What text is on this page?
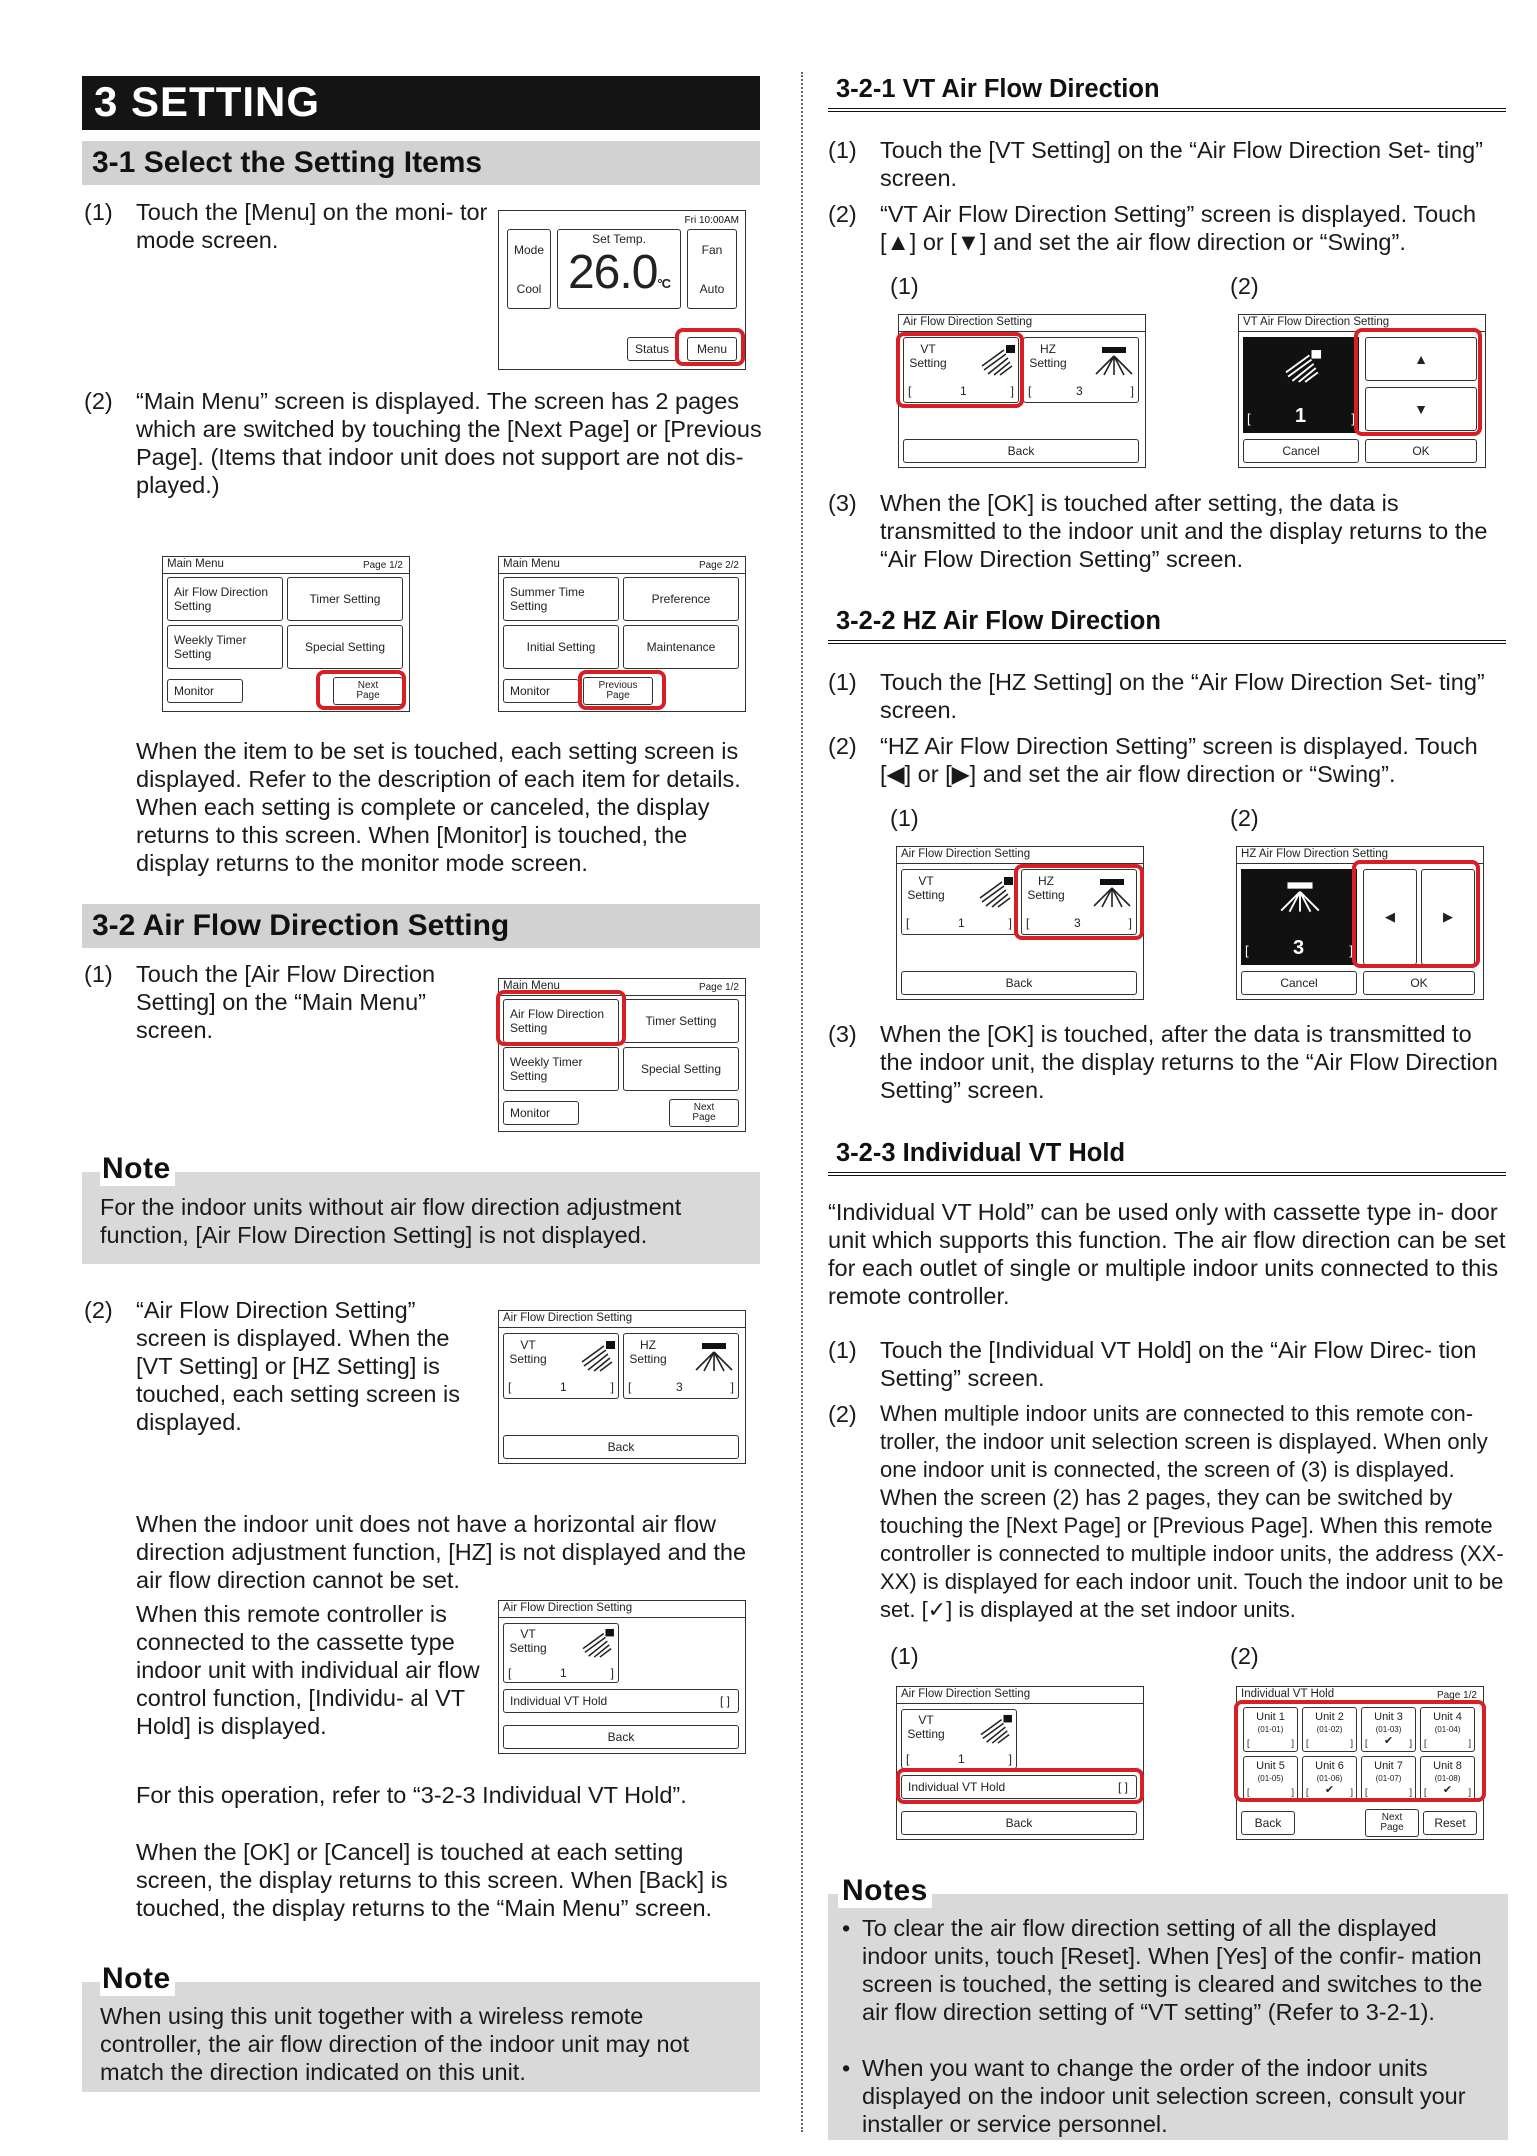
3 SETTING
3-1 Select the Setting Items
(1) Touch the [Menu] on the moni- tor mode screen.
Fri 10:00AM
Mode
Cool
Set Temp.
26.0°C
Fan
Auto
Status	Menu
(2) “Main Menu” screen is displayed. The screen has 2 pages which are switched by touching the [Next Page] or [Previous Page]. (Items that indoor unit does not support are not dis- played.)
Main Menu	Page 1/2
Air Flow Direction Setting	Timer Setting
Weekly Timer Setting	Special Setting
Monitor	Next Page
Main Menu	Page 2/2
Summer Time Setting	Preference
Initial Setting	Maintenance
Monitor	Previous Page
When the item to be set is touched, each setting screen is displayed. Refer to the description of each item for details. When each setting is complete or canceled, the display returns to this screen. When [Monitor] is touched, the display returns to the monitor mode screen.
3-2 Air Flow Direction Setting
(1) Touch the [Air Flow Direction Setting] on the “Main Menu” screen.
Main Menu	Page 1/2
Air Flow Direction Setting	Timer Setting
Weekly Timer Setting	Special Setting
Monitor	Next Page
Note
For the indoor units without air flow direction adjustment function, [Air Flow Direction Setting] is not displayed.
(2) “Air Flow Direction Setting” screen is displayed. When the [VT Setting] or [HZ Setting] is touched, each setting screen is displayed.
Air Flow Direction Setting
VT Setting
[	1	]
HZ Setting
[	3	]
Back
When the indoor unit does not have a horizontal air flow direction adjustment function, [HZ] is not displayed and the air flow direction cannot be set.
When this remote controller is connected to the cassette type indoor unit with individual air flow control function, [Individu- al VT Hold] is displayed.
Air Flow Direction Setting
VT Setting
[	1	]
Individual VT Hold	[ ]
Back
For this operation, refer to “3-2-3 Individual VT Hold”.
When the [OK] or [Cancel] is touched at each setting screen, the display returns to this screen. When [Back] is touched, the display returns to the “Main Menu” screen.
Note
When using this unit together with a wireless remote controller, the air flow direction of the indoor unit may not match the direction indicated on this unit.
3-2-1 VT Air Flow Direction
(1) Touch the [VT Setting] on the “Air Flow Direction Set- ting” screen.
(2) “VT Air Flow Direction Setting” screen is displayed. Touch [▲] or [▼] and set the air flow direction or “Swing”.
(1)	(2)
Air Flow Direction Setting
VT Setting
[	1	]
HZ Setting
[	3	]
Back
VT Air Flow Direction Setting
[ 1	]
▲
▼
Cancel	OK
(3) When the [OK] is touched after setting, the data is transmitted to the indoor unit and the display returns to the “Air Flow Direction Setting” screen.
3-2-2 HZ Air Flow Direction
(1) Touch the [HZ Setting] on the “Air Flow Direction Set- ting” screen.
(2) “HZ Air Flow Direction Setting” screen is displayed. Touch [◀] or [▶] and set the air flow direction or “Swing”.
(1)	(2)
Air Flow Direction Setting
VT Setting
[	1	]
HZ Setting
[	3	]
Back
HZ Air Flow Direction Setting
[ 3	]
◀	▶
Cancel	OK
(3) When the [OK] is touched, after the data is transmitted to the indoor unit, the display returns to the “Air Flow Direction Setting” screen.
3-2-3 Individual VT Hold
“Individual VT Hold” can be used only with cassette type in- door unit which supports this function. The air flow direction can be set for each outlet of single or multiple indoor units connected to this remote controller.
(1) Touch the [Individual VT Hold] on the “Air Flow Direc- tion Setting” screen.
(2) When multiple indoor units are connected to this remote con- troller, the indoor unit selection screen is displayed. When only one indoor unit is connected, the screen of (3) is displayed. When the screen (2) has 2 pages, they can be switched by touching the [Next Page] or [Previous Page]. When this remote controller is connected to multiple indoor units, the address (XX-XX) is displayed for each indoor unit. Touch the indoor unit to be set. [✓] is displayed at the set indoor units.
(1)	(2)
Air Flow Direction Setting
VT Setting
[	1	]
Individual VT Hold	[ ]
Back
Individual VT Hold	Page 1/2
Unit 1
(01-01)
[	]
Unit 2
(01-02)
[	]
Unit 3
(01-03)
✔
[	]
Unit 4
(01-04)
[	]
Unit 5
(01-05)
[	]
Unit 6
(01-06)
✔
[	]
Unit 7
(01-07)
[	]
Unit 8
(01-08)
✔
[	]
Back	Next Page	Reset
Notes
• To clear the air flow direction setting of all the displayed indoor units, touch [Reset]. When [Yes] of the confir- mation screen is touched, the setting is cleared and switches to the air flow direction setting of “VT setting” (Refer to 3-2-1).
• When you want to change the order of the indoor units displayed on the indoor unit selection screen, consult your installer or service personnel.
